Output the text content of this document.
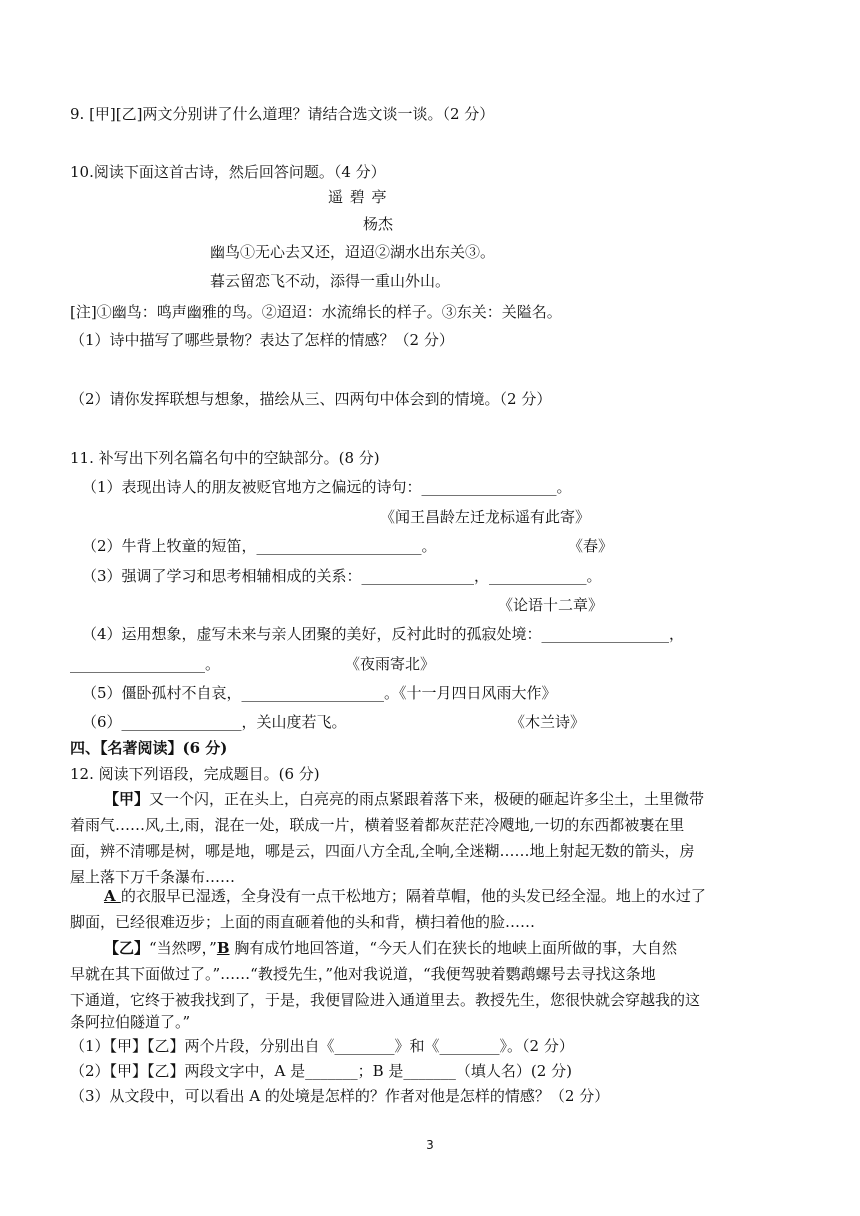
9. [甲][乙]两文分别讲了什么道理？请结合选文谈一谈。（2 分）
10.阅读下面这首古诗，然后回答问题。（4 分）
遥 碧 亭
杨杰
幽鸟①无心去又还，迢迢②湖水出东关③。
暮云留恋飞不动，添得一重山外山。
[注]①幽鸟：鸣声幽雅的鸟。②迢迢：水流绵长的样子。③东关：关隘名。
（1）诗中描写了哪些景物？表达了怎样的情感？（2 分）
（2）请你发挥联想与想象，描绘从三、四两句中体会到的情境。（2 分）
11. 补写出下列名篇名句中的空缺部分。(8 分)
（1）表现出诗人的朋友被贬官地方之偏远的诗句：__________________。
《闻王昌龄左迁龙标遥有此寄》
（2）牛背上牧童的短笛，______________________。	《春》
（3）强调了学习和思考相辅相成的关系：_______________，_____________。
《论语十二章》
（4）运用想象，虚写未来与亲人团聚的美好，反衬此时的孤寂处境：_________________，
__________________。	《夜雨寄北》
（5）僵卧孤村不自哀，___________________。《十一月四日风雨大作》
（6）________________，关山度若飞。	《木兰诗》
四、【名著阅读】(6 分)
12. 阅读下列语段，完成题目。(6 分)
【甲】又一个闪，正在头上，白亮亮的雨点紧跟着落下来，极硬的砸起许多尘土，土里微带
着雨气……风,土,雨，混在一处，联成一片，横着竖着都灰茫茫冷飕地,一切的东西都被裹在里
面，辨不清哪是树，哪是地，哪是云，四面八方全乱,全响,全迷糊……地上射起无数的箭头，房
屋上落下万千条瀑布……
A 的衣服早已湿透，全身没有一点干松地方；隔着草帽，他的头发已经全湿。地上的水过了
脚面，已经很难迈步；上面的雨直砸着他的头和背，横扫着他的脸……
【乙】“当然啰，”B 胸有成竹地回答道，“今天人们在狭长的地峡上面所做的事，大自然
早就在其下面做过了。”……“教授先生，”他对我说道，“我便驾驶着鹦鹉螺号去寻找这条地
下通道，它终于被我找到了，于是，我便冒险进入通道里去。教授先生，您很快就会穿越我的这
条阿拉伯隧道了。”
（1）【甲】【乙】两个片段，分别出自《________》和《________》。（2 分）
（2）【甲】【乙】两段文字中，A 是_______；B 是_______（填人名）(2 分)
（3）从文段中，可以看出 A 的处境是怎样的？作者对他是怎样的情感？（2 分）
3
